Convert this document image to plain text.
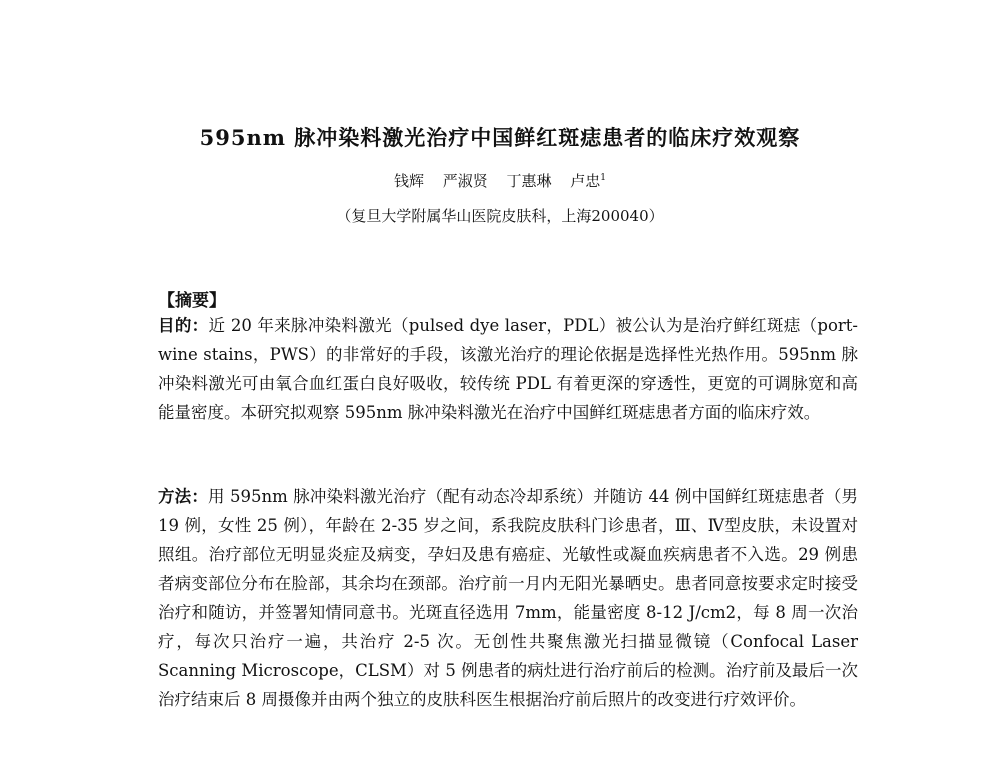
595nm 脉冲染料激光治疗中国鲜红斑痣患者的临床疗效观察
钱辉 严淑贤 丁惠琳 卢忠$^1$
（复旦大学附属华山医院皮肤科，上海200040）
【摘要】
目的：近 20 年来脉冲染料激光（pulsed dye laser，PDL）被公认为是治疗鲜红斑痣（port-wine stains，PWS）的非常好的手段，该激光治疗的理论依据是选择性光热作用。595nm 脉冲染料激光可由氧合血红蛋白良好吸收，较传统 PDL 有着更深的穿透性，更宽的可调脉宽和高能量密度。本研究拟观察 595nm 脉冲染料激光在治疗中国鲜红斑痣患者方面的临床疗效。
方法：用 595nm 脉冲染料激光治疗（配有动态冷却系统）并随访 44 例中国鲜红斑痣患者（男 19 例，女性 25 例），年龄在 2-35 岁之间，系我院皮肤科门诊患者，Ⅲ、Ⅳ型皮肤，未设置对照组。治疗部位无明显炎症及病变，孕妇及患有癌症、光敏性或凝血疾病患者不入选。29 例患者病变部位分布在脸部，其余均在颈部。治疗前一月内无阳光暴晒史。患者同意按要求定时接受治疗和随访，并签署知情同意书。光斑直径选用 7mm，能量密度 8-12 J/cm2，每 8 周一次治疗，每次只治疗一遍，共治疗 2-5 次。无创性共聚焦激光扫描显微镜（Confocal Laser Scanning Microscope，CLSM）对 5 例患者的病灶进行治疗前后的检测。治疗前及最后一次治疗结束后 8 周摄像并由两个独立的皮肤科医生根据治疗前后照片的改变进行疗效评价。
